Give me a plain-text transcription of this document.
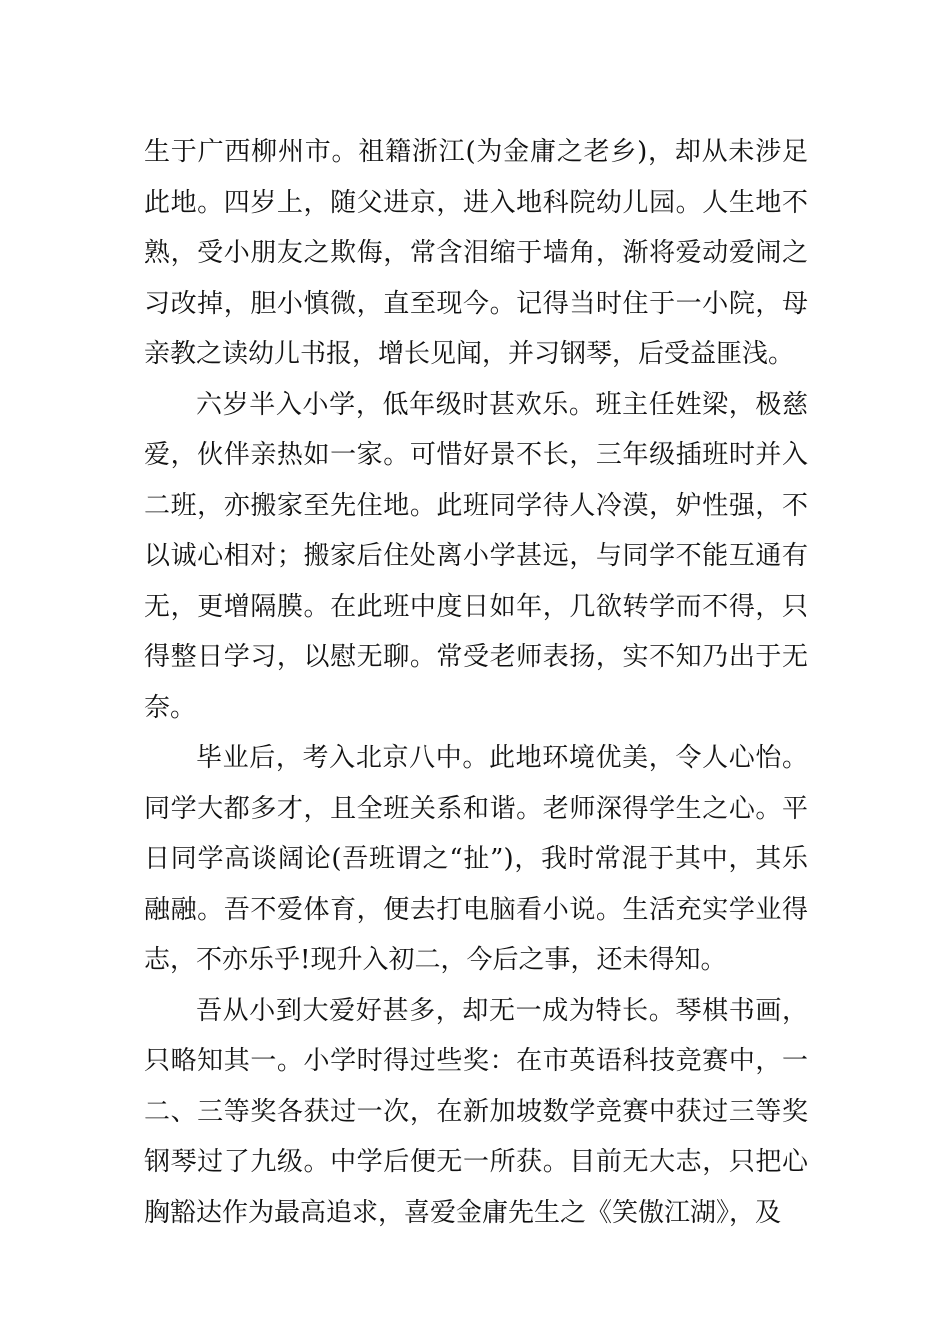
生于广西柳州市。祖籍浙江(为金庸之老乡)，却从未涉足此地。四岁上，随父进京，进入地科院幼儿园。人生地不熟，受小朋友之欺侮，常含泪缩于墙角，渐将爱动爱闹之习改掉，胆小慎微，直至现今。记得当时住于一小院，母亲教之读幼儿书报，增长见闻，并习钢琴，后受益匪浅。

六岁半入小学，低年级时甚欢乐。班主任姓梁，极慈爱，伙伴亲热如一家。可惜好景不长，三年级插班时并入二班，亦搬家至先住地。此班同学待人冷漠，妒性强，不以诚心相对；搬家后住处离小学甚远，与同学不能互通有无，更增隔膜。在此班中度日如年，几欲转学而不得，只得整日学习，以慰无聊。常受老师表扬，实不知乃出于无奈。

毕业后，考入北京八中。此地环境优美，令人心怡。同学大都多才，且全班关系和谐。老师深得学生之心。平日同学高谈阔论(吾班谓之“扯”)，我时常混于其中，其乐融融。吾不爱体育，便去打电脑看小说。生活充实学业得志，不亦乐乎!现升入初二，今后之事，还未得知。

吾从小到大爱好甚多，却无一成为特长。琴棋书画，只略知其一。小学时得过些奖：在市英语科技竞赛中，一二、三等奖各获过一次，在新加坡数学竞赛中获过三等奖钢琴过了九级。中学后便无一所获。目前无大志，只把心胸豁达作为最高追求，喜爱金庸先生之《笑傲江湖》，及
